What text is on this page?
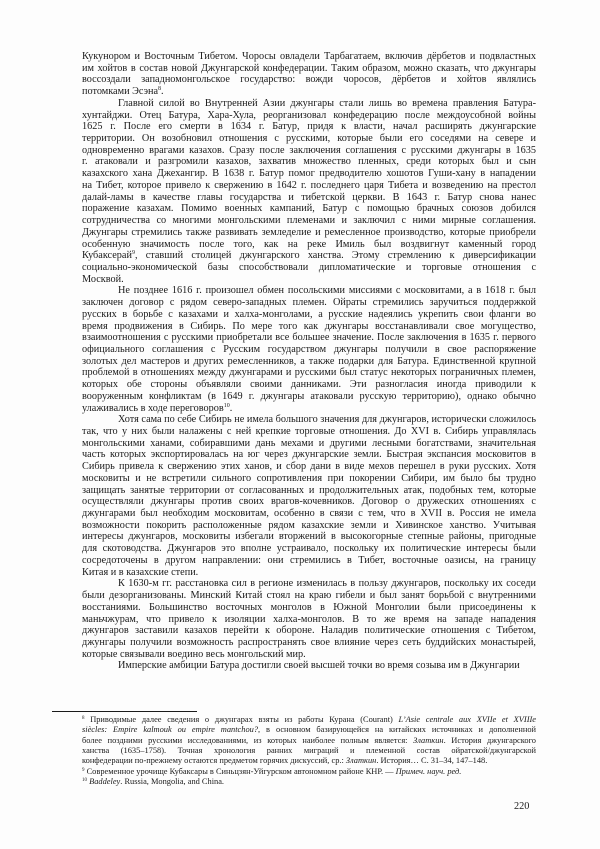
Кукунором и Восточным Тибетом. Чоросы овладели Тарбагатаем, включив дёрбетов и подвластных
им хойтов в состав новой Джунгарской конфедерации. Таким образом, можно сказать, что джунгары
воссоздали западномонгольское государство: вожди чоросов, дёрбетов и хойтов являлись
потомками Эсэна$^8$.
Главной силой во Внутренней Азии джунгары стали лишь во времена правления Батура-
хунтайджи. Отец Батура, Хара-Хула, реорганизовал конфедерацию после междоусобной войны
1625 г. После его смерти в 1634 г. Батур, придя к власти, начал расширять джунгарские
территории. Он возобновил отношения с русскими, которые были его соседями на севере и
одновременно врагами казахов. Сразу после заключения соглашения с русскими джунгары в 1635
г. атаковали и разгромили казахов, захватив множество пленных, среди которых был и сын
казахского хана Джехангир. В 1638 г. Батур помог предводителю хошотов Гуши-хану в нападении
на Тибет, которое привело к свержению в 1642 г. последнего царя Тибета и возведению на престол
далай-ламы в качестве главы государства и тибетской церкви. В 1643 г. Батур снова нанес
поражение казахам. Помимо военных кампаний, Батур с помощью брачных союзов добился
сотрудничества со многими монгольскими племенами и заключил с ними мирные соглашения.
Джунгары стремились также развивать земледелие и ремесленное производство, которые приобрели
особенную значимость после того, как на реке Имиль был воздвигнут каменный город
Кубаксерай$^9$, ставший столицей джунгарского ханства. Этому стремлению к диверсификации
социально-экономической базы способствовали дипломатические и торговые отношения с
Москвой.
Не позднее 1616 г. произошел обмен посольскими миссиями с московитами, а в 1618 г. был
заключен договор с рядом северо-западных племен. Ойраты стремились заручиться поддержкой
русских в борьбе с казахами и халха-монголами, а русские надеялись укрепить свои фланги во
время продвижения в Сибирь. По мере того как джунгары восстанавливали свое могущество,
взаимоотношения с русскими приобретали все большее значение. После заключения в 1635 г. первого
официального соглашения с Русским государством джунгары получили в свое распоряжение
золотых дел мастеров и других ремесленников, а также подарки для Батура. Единственной крупной
проблемой в отношениях между джунгарами и русскими был статус некоторых пограничных племен,
которых обе стороны объявляли своими данниками. Эти разногласия иногда приводили к
вооруженным конфликтам (в 1649 г. джунгары атаковали русскую территорию), однако обычно
улаживались в ходе переговоров$^{10}$.
Хотя сама по себе Сибирь не имела большого значения для джунгаров, исторически сложилось
так, что у них были налажены с ней крепкие торговые отношения. До XVI в. Сибирь управлялась
монгольскими ханами, собиравшими дань мехами и другими лесными богатствами, значительная
часть которых экспортировалась на юг через джунгарские земли. Быстрая экспансия московитов в
Сибирь привела к свержению этих ханов, и сбор дани в виде мехов перешел в руки русских. Хотя
московиты и не встретили сильного сопротивления при покорении Сибири, им было бы трудно
защищать занятые территории от согласованных и продолжительных атак, подобных тем, которые
осуществляли джунгары против своих врагов-кочевников. Договор о дружеских отношениях с
джунгарами был необходим московитам, особенно в связи с тем, что в XVII в. Россия не имела
возможности покорить расположенные рядом казахские земли и Хивинское ханство. Учитывая
интересы джунгаров, московиты избегали вторжений в высокогорные степные районы, пригодные
для скотоводства. Джунгаров это вполне устраивало, поскольку их политические интересы были
сосредоточены в другом направлении: они стремились в Тибет, восточные оазисы, на границу
Китая и в казахские степи.
К 1630-м гг. расстановка сил в регионе изменилась в пользу джунгаров, поскольку их соседи
были дезорганизованы. Минский Китай стоял на краю гибели и был занят борьбой с внутренними
восстаниями. Большинство восточных монголов в Южной Монголии были присоединены к
маньчжурам, что привело к изоляции халха-монголов. В то же время на западе нападения
джунгаров заставили казахов перейти к обороне. Наладив политические отношения с Тибетом,
джунгары получили возможность распространять свое влияние через сеть буддийских монастырей,
которые связывали воедино весь монгольский мир.
Имперские амбиции Батура достигли своей высшей точки во время созыва им в Джунгарии
$^8$ Приводимые далее сведения о джунгарах взяты из работы Курана (Courant) L’Asie centrale aux XVIIe et XVIIIe
siècles: Empire kalmouk ou empire mantchou?, в основном базирующейся на китайских источниках и дополненной
более поздними русскими исследованиями, из которых наиболее полным является: Златкин. История джунгарского
ханства (1635–1758). Точная хронология ранних миграций и племенной состав ойратской/джунгарской
конфедерации по-прежнему остаются предметом горячих дискуссий, ср.: Златкин. История… С. 31–34, 147–148.
$^9$ Современное урочище Кубаксары в Синьцзян-Уйгурском автономном районе КНР. — Примеч. науч. ред.
$^{10}$ Baddeley. Russia, Mongolia, and China.
220
